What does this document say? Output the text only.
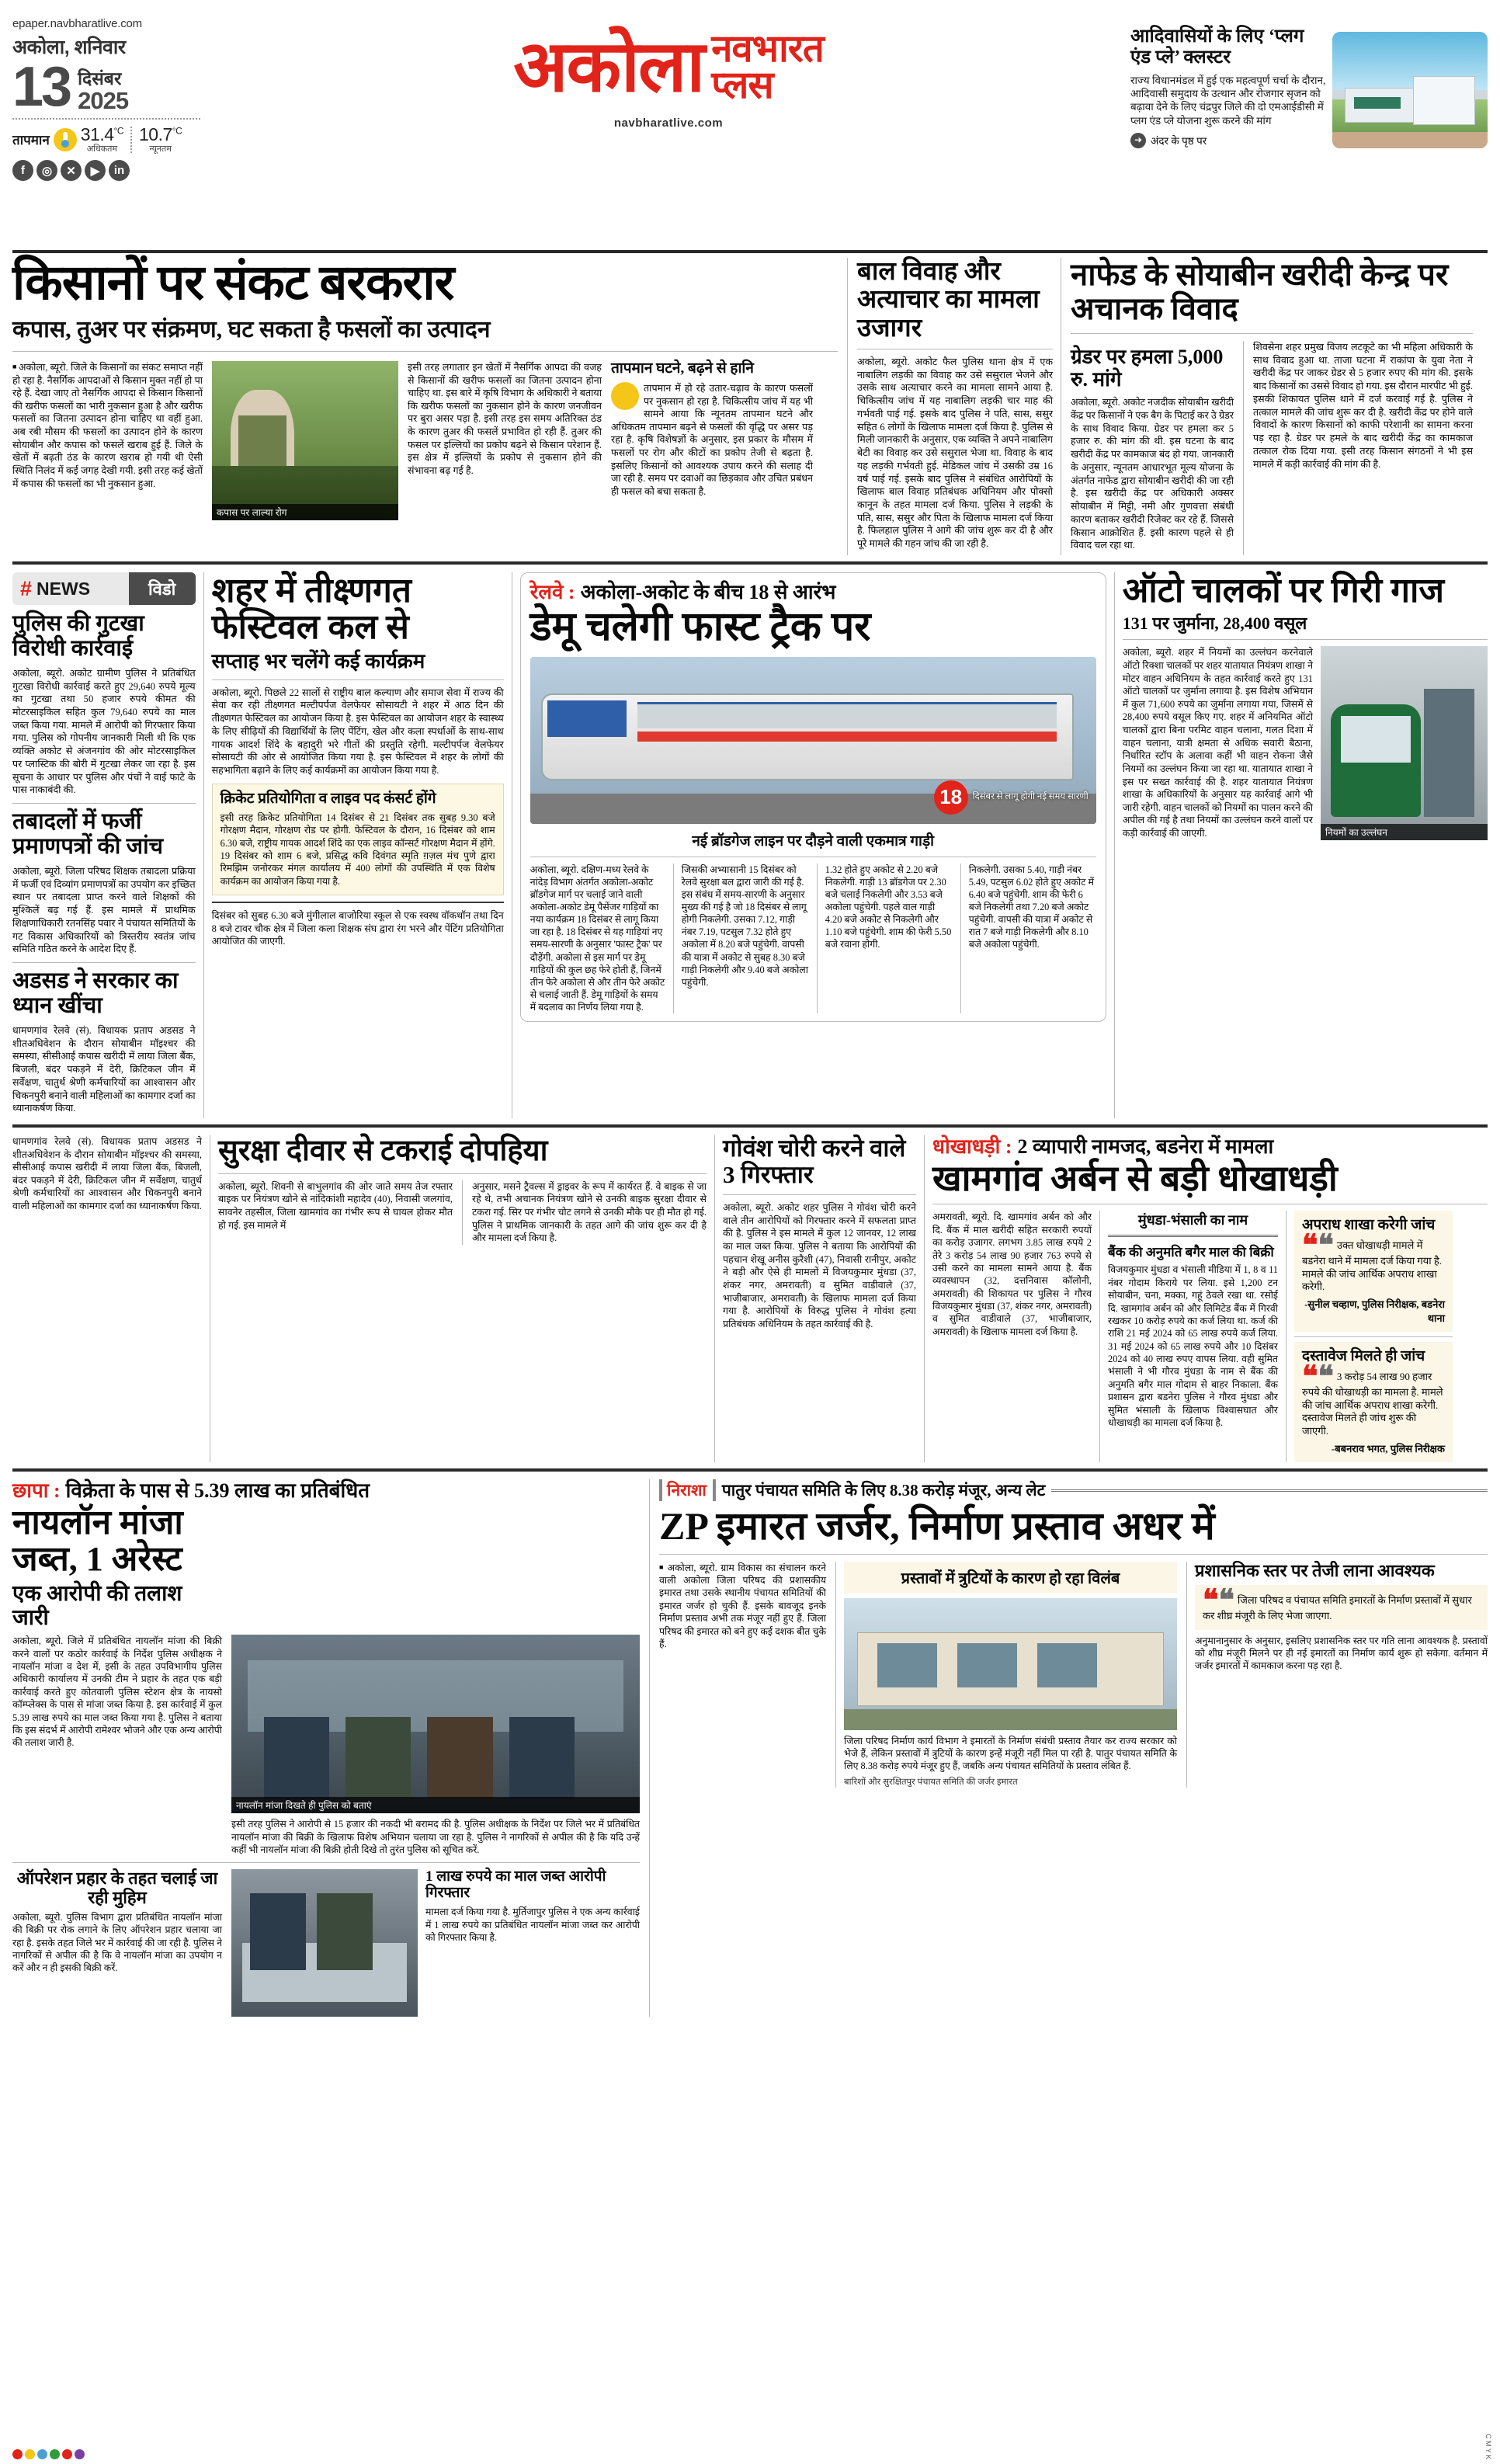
epaper.navbharatlive.com
अकोला, शनिवार
13 दिसंबर
2025
तापमान $31.4^{^\circ C}$
अधिकतम
$10.7^{^\circ C}$
न्यूनतम
f	◎	✕	▶	in
अकोला नवभारत
प्लस
navbharatlive.com
आदिवासियों के लिए ‘प्लग एंड प्ले’ क्लस्टर
राज्य विधानमंडल में हुई एक महत्वपूर्ण चर्चा के दौरान, आदिवासी समुदाय के उत्थान और रोजगार सृजन को बढ़ावा देने के लिए चंद्रपुर जिले की दो एमआईडीसी में प्लग एंड प्ले योजना शुरू करने की मांग
➜ अंदर के पृष्ठ पर
किसानों पर संकट बरकरार
कपास, तुअर पर संक्रमण, घट सकता है फसलों का उत्पादन

■ अकोला, ब्यूरो. जिले के किसानों का संकट समाप्त नहीं हो रहा है. नैसर्गिक आपदाओं से किसान मुक्त नहीं हो पा रहे हैं. देखा जाए तो नैसर्गिक आपदा से किसान किसानों की खरीफ फसलों का भारी नुकसान हुआ है और खरीफ फसलों का जितना उत्पादन होना चाहिए था वहीं हुआ. अब रबी मौसम की फसलों का उत्पादन होने के कारण सोयाबीन और कपास को फसलें खराब हुई हैं. जिले के खेतों में बढ़ती ठंड के कारण खराब हो गयी थी ऐसी स्थिति निलंद में कई जगह देखी गयी. इसी तरह कई खेतों में कपास की फसलों का भी नुकसान हुआ.

कपास पर लाल्या रोग

इसी तरह लगातार इन खेतों में नैसर्गिक आपदा की वजह से किसानों की खरीफ फसलों का जितना उत्पादन होना चाहिए था. इस बारे में कृषि विभाग के अधिकारी ने बताया कि खरीफ फसलों का नुकसान होने के कारण जनजीवन पर बुरा असर पड़ा है. इसी तरह इस समय अतिरिक्त ठंड के कारण तुअर की फसलें प्रभावित हो रही हैं. तुअर की फसल पर इल्लियों का प्रकोप बढ़ने से किसान परेशान हैं. इस क्षेत्र में इल्लियों के प्रकोप से नुकसान होने की संभावना बढ़ गई है.

तापमान घटने, बढ़ने से हानि

तापमान में हो रहे उतार-चढ़ाव के कारण फसलों पर नुकसान हो रहा है. चिकित्सीय जांच में यह भी सामने आया कि न्यूनतम तापमान घटने और अधिकतम तापमान बढ़ने से फसलों की वृद्धि पर असर पड़ रहा है. कृषि विशेषज्ञों के अनुसार, इस प्रकार के मौसम में फसलों पर रोग और कीटों का प्रकोप तेजी से बढ़ता है. इसलिए किसानों को आवश्यक उपाय करने की सलाह दी जा रही है. समय पर दवाओं का छिड़काव और उचित प्रबंधन ही फसल को बचा सकता है.

बाल विवाह और अत्याचार का मामला उजागर

अकोला, ब्यूरो. अकोट फैल पुलिस थाना क्षेत्र में एक नाबालिग लड़की का विवाह कर उसे ससुराल भेजने और उसके साथ अत्याचार करने का मामला सामने आया है. चिकित्सीय जांच में यह नाबालिग लड़की चार माह की गर्भवती पाई गई. इसके बाद पुलिस ने पति, सास, ससुर सहित 6 लोगों के खिलाफ मामला दर्ज किया है. पुलिस से मिली जानकारी के अनुसार, एक व्यक्ति ने अपने नाबालिग बेटी का विवाह कर उसे ससुराल भेजा था. विवाह के बाद यह लड़की गर्भवती हुई. मेडिकल जांच में उसकी उम्र 16 वर्ष पाई गई. इसके बाद पुलिस ने संबंधित आरोपियों के खिलाफ बाल विवाह प्रतिबंधक अधिनियम और पोक्सो कानून के तहत मामला दर्ज किया. पुलिस ने लड़की के पति, सास, ससुर और पिता के खिलाफ मामला दर्ज किया है. फिलहाल पुलिस ने आगे की जांच शुरू कर दी है और पूरे मामले की गहन जांच की जा रही है.

नाफेड के सोयाबीन खरीदी केन्द्र पर अचानक विवाद
ग्रेडर पर हमला 5,000 रु. मांगे

अकोला, ब्यूरो. अकोट नजदीक सोयाबीन खरीदी केंद्र पर किसानों ने एक बैग के पिटाई कर उे ग्रेडर के साथ विवाद किया. ग्रेडर पर हमला कर 5 हजार रु. की मांग की थी. इस घटना के बाद खरीदी केंद्र पर कामकाज बंद हो गया. जानकारी के अनुसार, न्यूनतम आधारभूत मूल्य योजना के अंतर्गत नाफेड द्वारा सोयाबीन खरीदी की जा रही है. इस खरीदी केंद्र पर अधिकारी अक्सर सोयाबीन में मिट्टी, नमी और गुणवत्ता संबंधी कारण बताकर खरीदी रिजेक्ट कर रहे हैं. जिससे किसान आक्रोशित हैं. इसी कारण पहले से ही विवाद चल रहा था.

शिवसेना शहर प्रमुख विजय लटकूटे का भी महिला अधिकारी के साथ विवाद हुआ था. ताजा घटना में राकांपा के युवा नेता ने खरीदी केंद्र पर जाकर ग्रेडर से 5 हजार रुपए की मांग की. इसके बाद किसानों का उससे विवाद हो गया. इस दौरान मारपीट भी हुई. इसकी शिकायत पुलिस थाने में दर्ज करवाई गई है. पुलिस ने तत्काल मामले की जांच शुरू कर दी है. खरीदी केंद्र पर होने वाले विवादों के कारण किसानों को काफी परेशानी का सामना करना पड़ रहा है. ग्रेडर पर हमले के बाद खरीदी केंद्र का कामकाज तत्काल रोक दिया गया. इसी तरह किसान संगठनों ने भी इस मामले में कड़ी कार्रवाई की मांग की है.

# NEWS	विडो
पुलिस की गुटखा विरोधी कार्रवाई

अकोला, ब्यूरो. अकोट ग्रामीण पुलिस ने प्रतिबंधित गुटखा विरोधी कार्रवाई करते हुए 29,640 रुपये मूल्य का गुटखा तथा 50 हजार रुपये कीमत की मोटरसाइकिल सहित कुल 79,640 रुपये का माल जब्त किया गया. मामले में आरोपी को गिरफ्तार किया गया. पुलिस को गोपनीय जानकारी मिली थी कि एक व्यक्ति अकोट से अंजनगांव की ओर मोटरसाइकिल पर प्लास्टिक की बोरी में गुटखा लेकर जा रहा है. इस सूचना के आधार पर पुलिस और पंचों ने वाई फाटे के पास नाकाबंदी की.

तबादलों में फर्जी प्रमाणपत्रों की जांच

अकोला, ब्यूरो. जिला परिषद शिक्षक तबादला प्रक्रिया में फर्जी एवं दिव्यांग प्रमाणपत्रों का उपयोग कर इच्छित स्थान पर तबादला प्राप्त करने वाले शिक्षकों की मुश्किलें बढ़ गई हैं. इस मामले में प्राथमिक शिक्षणाधिकारी रतनसिंह पवार ने पंचायत समितियों के गट विकास अधिकारियों को त्रिस्तरीय स्वतंत्र जांच समिति गठित करने के आदेश दिए हैं.

अडसड ने सरकार का ध्यान खींचा

धामणगांव रेलवे (सं). विधायक प्रताप अडसड ने शीतअधिवेशन के दौरान सोयाबीन मॉइश्चर की समस्या, सीसीआई कपास खरीदी में लाया जिला बैंक, बिजली, बंदर पकड़ने में देरी, क्रिटिकल जीन में सर्वेक्षण, चातुर्थ श्रेणी कर्मचारियों का आश्वासन और चिकनपुरी बनाने वाली महिलाओं का कामगार दर्जा का ध्यानाकर्षण किया.

शहर में तीक्ष्णगत फेस्टिवल कल से
सप्ताह भर चलेंगे कई कार्यक्रम

अकोला, ब्यूरो. पिछले 22 सालों से राष्ट्रीय बाल कल्याण और समाज सेवा में राज्य की सेवा कर रही तीक्ष्णगत मल्टीपर्पज वेलफेयर सोसायटी ने शहर में आठ दिन की तीक्ष्णगत फेस्टिवल का आयोजन किया है. इस फेस्टिवल का आयोजन शहर के स्वास्थ्य के लिए सीढ़ियों की विद्यार्थियों के लिए पेंटिंग, खेल और कला स्पर्धाओं के साथ-साथ गायक आदर्श शिंदे के बहादुरी भरे गीतों की प्रस्तुति रहेगी. मल्टीपर्पज वेलफेयर सोसायटी की ओर से आयोजित किया गया है. इस फेस्टिवल में शहर के लोगों की सहभागिता बढ़ाने के लिए कई कार्यक्रमों का आयोजन किया गया है.

क्रिकेट प्रतियोगिता व लाइव पद कंसर्ट होंगे
इसी तरह क्रिकेट प्रतियोगिता 14 दिसंबर से 21 दिसंबर तक सुबह 9.30 बजे गोरक्षण मैदान, गोरक्षण रोड पर होगी. फेस्टिवल के दौरान, 16 दिसंबर को शाम 6.30 बजे, राष्ट्रीय गायक आदर्श शिंदे का एक लाइव कॉन्सर्ट गोरक्षण मैदान में होंगे. 19 दिसंबर को शाम 6 बजे, प्रसिद्ध कवि दिवंगत स्मृति ग़ज़ल मंच पुणे द्वारा रिमझिम जनोरकर मंगल कार्यालय में 400 लोगों की उपस्थिति में एक विशेष कार्यक्रम का आयोजन किया गया है.
दिसंबर को सुबह 6.30 बजे मुंगीलाल बाजोरिया स्कूल से एक स्वस्थ वॉकथॉन तथा दिन 8 बजे टावर चौक क्षेत्र में जिला कला शिक्षक संघ द्वारा रंग भरने और पेंटिंग प्रतियोगिता आयोजित की जाएगी.
रेलवे : अकोला-अकोट के बीच 18 से आरंभ
डेमू चलेगी फास्ट ट्रैक पर
18	दिसंबर से लागू होगी नई समय सारणी
नई ब्रॉडगेज लाइन पर दौड़ने वाली एकमात्र गाड़ी

अकोला, ब्यूरो. दक्षिण-मध्य रेलवे के नांदेड़ विभाग अंतर्गत अकोला-अकोट ब्रॉडगेज मार्ग पर चलाई जाने वाली अकोला-अकोट डेमू पैसेंजर गाड़ियों का नया कार्यक्रम 18 दिसंबर से लागू किया जा रहा है. 18 दिसंबर से यह गाड़ियां नए समय-सारणी के अनुसार 'फास्ट ट्रैक' पर दौड़ेंगी. अकोला से इस मार्ग पर डेमू गाड़ियों की कुल छह फेरे होती हैं, जिनमें तीन फेरे अकोला से और तीन फेरे अकोट से चलाई जाती हैं. डेमू गाड़ियों के समय में बदलाव का निर्णय लिया गया है.

जिसकी अभ्यासानी 15 दिसंबर को रेलवे सुरक्षा बल द्वारा जारी की गई है. इस संबंध में समय-सारणी के अनुसार मुख्य की गई है जो 18 दिसंबर से लागू होगी निकलेगी. उसका 7.12, गाड़ी नंबर 7.19, पटसुल 7.32 होते हुए अकोला में 8.20 बजे पहुंचेगी. वापसी की यात्रा में अकोट से सुबह 8.30 बजे गाड़ी निकलेगी और 9.40 बजे अकोला पहुंचेगी.

1.32 होते हुए अकोट से 2.20 बजे निकलेगी. गाड़ी 13 ब्रॉडगेज पर 2.30 बजे चलाई निकलेगी और 3.53 बजे अकोला पहुंचेगी. पहले वाल गाड़ी 4.20 बजे अकोट से निकलेगी और 1.10 बजे पहुंचेगी. शाम की फेरी 5.50 बजे रवाना होगी.

निकलेगी. उसका 5.40, गाड़ी नंबर 5.49, पटसुल 6.02 होते हुए अकोट में 6.40 बजे पहुंचेगी. शाम की फेरी 6 बजे निकलेगी तथा 7.20 बजे अकोट पहुंचेगी. वापसी की यात्रा में अकोट से रात 7 बजे गाड़ी निकलेगी और 8.10 बजे अकोला पहुंचेगी.

ऑटो चालकों पर गिरी गाज
131 पर जुर्माना, 28,400 वसूल
अकोला, ब्यूरो. शहर में नियमों का उल्लंघन करनेवाले ऑटो रिक्शा चालकों पर शहर यातायात नियंत्रण शाखा ने मोटर वाहन अधिनियम के तहत कार्रवाई करते हुए 131 ऑटो चालकों पर जुर्माना लगाया है. इस विशेष अभियान में कुल 71,600 रुपये का जुर्माना लगाया गया, जिसमें से 28,400 रुपये वसूल किए गए. शहर में अनियमित ऑटो चालकों द्वारा बिना परमिट वाहन चलाना, गलत दिशा में वाहन चलाना, यात्री क्षमता से अधिक सवारी बैठाना, निर्धारित स्टॉप के अलावा कहीं भी वाहन रोकना जैसे नियमों का उल्लंघन किया जा रहा था. यातायात शाखा ने इस पर सख्त कार्रवाई की है. शहर यातायात नियंत्रण शाखा के अधिकारियों के अनुसार यह कार्रवाई आगे भी जारी रहेगी. वाहन चालकों को नियमों का पालन करने की अपील की गई है तथा नियमों का उल्लंघन करने वालों पर कड़ी कार्रवाई की जाएगी.	नियमों का उल्लंघन
धामणगांव रेलवे (सं). विधायक प्रताप अडसड ने शीतअधिवेशन के दौरान सोयाबीन मॉइश्चर की समस्या, सीसीआई कपास खरीदी में लाया जिला बैंक, बिजली, बंदर पकड़ने में देरी, क्रिटिकल जीन में सर्वेक्षण, चातुर्थ श्रेणी कर्मचारियों का आश्वासन और चिकनपुरी बनाने वाली महिलाओं का कामगार दर्जा का ध्यानाकर्षण किया.
सुरक्षा दीवार से टकराई दोपहिया
अकोला, ब्यूरो. शिवनी से बाभुलगांव की ओर जाते समय तेज रफ्तार बाइक पर नियंत्रण खोने से नांदिकांशी महादेव (40), निवासी जलगांव, सावनेर तहसील, जिला खामगांव का गंभीर रूप से घायल होकर मौत हो गई. इस मामले में
अनुसार, मसने ट्रैवल्स में ड्राइवर के रूप में कार्यरत हैं. वे बाइक से जा रहे थे, तभी अचानक नियंत्रण खोने से उनकी बाइक सुरक्षा दीवार से टकरा गई. सिर पर गंभीर चोट लगने से उनकी मौके पर ही मौत हो गई. पुलिस ने प्राथमिक जानकारी के तहत आगे की जांच शुरू कर दी है और मामला दर्ज किया है.
गोवंश चोरी करने वाले 3 गिरफ्तार
अकोला, ब्यूरो. अकोट शहर पुलिस ने गोवंश चोरी करने वाले तीन आरोपियों को गिरफ्तार करने में सफलता प्राप्त की है. पुलिस ने इस मामले में कुल 12 जानवर, 12 लाख का माल जब्त किया. पुलिस ने बताया कि आरोपियों की पहचान शेखू अनीस कुरैशी (47), निवासी रानीपुर, अकोट ने बड़ी और ऐसे ही मामलों में विजयकुमार मुंधडा (37, शंकर नगर, अमरावती) व सुमित वाडीवाले (37, भाजीबाजार, अमरावती) के खिलाफ मामला दर्ज किया गया है. आरोपियों के विरुद्ध पुलिस ने गोवंश हत्या प्रतिबंधक अधिनियम के तहत कार्रवाई की है.
धोखाधड़ी : 2 व्यापारी नामजद, बडनेरा में मामला
खामगांव अर्बन से बड़ी धोखाधड़ी
अमरावती, ब्यूरो. दि. खामगांव अर्बन को और दि. बैंक में माल खरीदी सहित सरकारी रुपयों का करोड़ उजागर. लगभग 3.85 लाख रुपये 2 तेरे 3 करोड़ 54 लाख 90 हजार 763 रुपये से उसी करने का मामला सामने आया है. बैंक व्यवस्थापन (32, दत्तनिवास कॉलोनी, अमरावती) की शिकायत पर पुलिस ने गौरव विजयकुमार मुंधडा (37, शंकर नगर, अमरावती) व सुमित वाडीवाले (37, भाजीबाजार, अमरावती) के खिलाफ मामला दर्ज किया है.
मुंधडा-भंसाली का नाम
बैंक की अनुमति बगैर माल की बिक्री
विजयकुमार मुंधडा व भंसाली मीडिया में 1, 8 व 11 नंबर गोदाम किराये पर लिया. इसे 1,200 टन सोयाबीन, चना, मक्का, गहूं ठेवले रखा था. रसोई दि. खामगांव अर्बन को और लिमिटेड बैंक में गिरवी रखकर 10 करोड़ रुपये का कर्ज लिया था. कर्ज की राशि 21 मई 2024 को 65 लाख रुपये कर्ज लिया. 31 मई 2024 को 65 लाख रुपये और 10 दिसंबर 2024 को 40 लाख रुपए वापस लिया. वही सुमित भंसाली ने भी गौरव मुंधडा के नाम से बैंक की अनुमति बगैर माल गोदाम से बाहर निकाला. बैंक प्रशासन द्वारा बडनेरा पुलिस ने गौरव मुंधडा और सुमित भंसाली के खिलाफ विश्वासघात और धोखाधड़ी का मामला दर्ज किया है.
अपराध शाखा करेगी जांच
❝❝ उक्त धोखाधड़ी मामले में बडनेरा थाने में मामला दर्ज किया गया है. मामले की जांच आर्थिक अपराध शाखा करेगी.
-सुनील चव्हाण, पुलिस निरीक्षक, बडनेरा थाना
दस्तावेज मिलते ही जांच
❝❝ 3 करोड़ 54 लाख 90 हजार रुपये की धोखाधड़ी का मामला है. मामले की जांच आर्थिक अपराध शाखा करेगी. दस्तावेज मिलते ही जांच शुरू की जाएगी.
-बबनराव भगत, पुलिस निरीक्षक
छापा : विक्रेता के पास से 5.39 लाख का प्रतिबंधित
नायलॉन मांजा जब्त, 1 अरेस्ट
एक आरोपी की तलाश जारी
अकोला, ब्यूरो. जिले में प्रतिबंधित नायलॉन मांजा की बिक्री करने वालों पर कठोर कार्रवाई के निर्देश पुलिस अधीक्षक ने नायलॉन मांजा व देश में, इसी के तहत उपविभागीय पुलिस अधिकारी कार्यालय में उनकी टीम ने प्रहार के तहत एक बड़ी कार्रवाई करते हुए कोतवाली पुलिस स्टेशन क्षेत्र के नायसो कॉम्प्लेक्स के पास से मांजा जब्त किया है. इस कार्रवाई में कुल 5.39 लाख रुपये का माल जब्त किया गया है. पुलिस ने बताया कि इस संदर्भ में आरोपी रामेश्वर भोजने और एक अन्य आरोपी की तलाश जारी है.
नायलॉन मांजा दिखते ही पुलिस को बताएं
इसी तरह पुलिस ने आरोपी से 15 हजार की नकदी भी बरामद की है. पुलिस अधीक्षक के निर्देश पर जिले भर में प्रतिबंधित नायलॉन मांजा की बिक्री के खिलाफ विशेष अभियान चलाया जा रहा है. पुलिस ने नागरिकों से अपील की है कि यदि उन्हें कहीं भी नायलॉन मांजा की बिक्री होती दिखे तो तुरंत पुलिस को सूचित करें.
ऑपरेशन प्रहार के तहत चलाई जा रही मुहिम
अकोला, ब्यूरो. पुलिस विभाग द्वारा प्रतिबंधित नायलॉन मांजा की बिक्री पर रोक लगाने के लिए ऑपरेशन प्रहार चलाया जा रहा है. इसके तहत जिले भर में कार्रवाई की जा रही है. पुलिस ने नागरिकों से अपील की है कि वे नायलॉन मांजा का उपयोग न करें और न ही इसकी बिक्री करें.
1 लाख रुपये का माल जब्त आरोपी गिरफ्तार
मामला दर्ज किया गया है. मुर्तिजापुर पुलिस ने एक अन्य कार्रवाई में 1 लाख रुपये का प्रतिबंधित नायलॉन मांजा जब्त कर आरोपी को गिरफ्तार किया है.
निराशा पातुर पंचायत समिति के लिए 8.38 करोड़ मंजूर, अन्य लेट
ZP इमारत जर्जर, निर्माण प्रस्ताव अधर में
■ अकोला, ब्यूरो. ग्राम विकास का संचालन करने वाली अकोला जिला परिषद की प्रशासकीय इमारत तथा उसके स्थानीय पंचायत समितियों की इमारत जर्जर हो चुकी हैं. इसके बावजूद इनके निर्माण प्रस्ताव अभी तक मंजूर नहीं हुए हैं. जिला परिषद की इमारत को बने हुए कई दशक बीत चुके हैं.
प्रस्तावों में त्रुटियों के कारण हो रहा विलंब
जिला परिषद निर्माण कार्य विभाग ने इमारतों के निर्माण संबंधी प्रस्ताव तैयार कर राज्य सरकार को भेजे हैं, लेकिन प्रस्तावों में त्रुटियों के कारण इन्हें मंजूरी नहीं मिल पा रही है. पातुर पंचायत समिति के लिए 8.38 करोड़ रुपये मंजूर हुए हैं, जबकि अन्य पंचायत समितियों के प्रस्ताव लंबित हैं.
बारिशों और सुरक्षितपुर पंचायत समिति की जर्जर इमारत
प्रशासनिक स्तर पर तेजी लाना आवश्यक
❝❝ जिला परिषद व पंचायत समिति इमारतों के निर्माण प्रस्तावों में सुधार कर शीघ्र मंजूरी के लिए भेजा जाएगा.
अनुमानानुसार के अनुसार, इसलिए प्रशासनिक स्तर पर गति लाना आवश्यक है. प्रस्तावों को शीघ्र मंजूरी मिलने पर ही नई इमारतों का निर्माण कार्य शुरू हो सकेगा. वर्तमान में जर्जर इमारतों में कामकाज करना पड़ रहा है.
C M Y K
